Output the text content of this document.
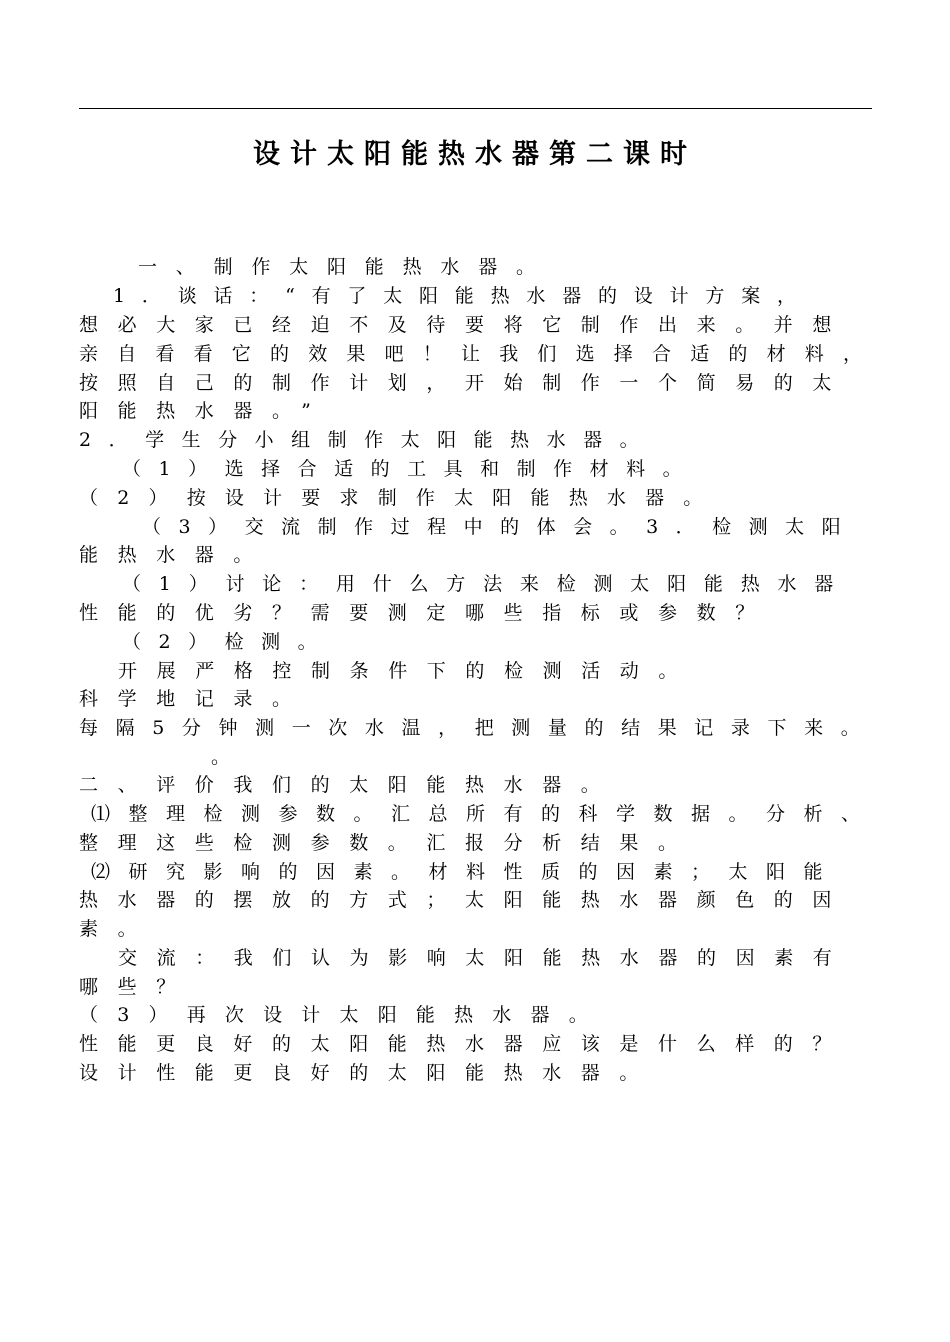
设计太阳能热水器第二课时
一、制作太阳能热水器。
1．谈话：“有了太阳能热水器的设计方案，
想必大家已经迫不及待要将它制作出来。并想
亲自看看它的效果吧！让我们选择合适的材料，
按照自己的制作计划，开始制作一个简易的太
阳能热水器。”
2．学生分小组制作太阳能热水器。
（1）选择合适的工具和制作材料。
（2）按设计要求制作太阳能热水器。
（3）交流制作过程中的体会。3．检测太阳
能热水器。
（1）讨论：用什么方法来检测太阳能热水器
性能的优劣？需要测定哪些指标或参数？
（2）检测。
开展严格控制条件下的检测活动。
科学地记录。
每隔5分钟测一次水温，把测量的结果记录下来。
。
二、评价我们的太阳能热水器。
⑴整理检测参数。汇总所有的科学数据。分析、
整理这些检测参数。汇报分析结果。
⑵研究影响的因素。材料性质的因素；太阳能
热水器的摆放的方式；太阳能热水器颜色的因
素。
交流：我们认为影响太阳能热水器的因素有
哪些？
（3）再次设计太阳能热水器。
性能更良好的太阳能热水器应该是什么样的？
设计性能更良好的太阳能热水器。
